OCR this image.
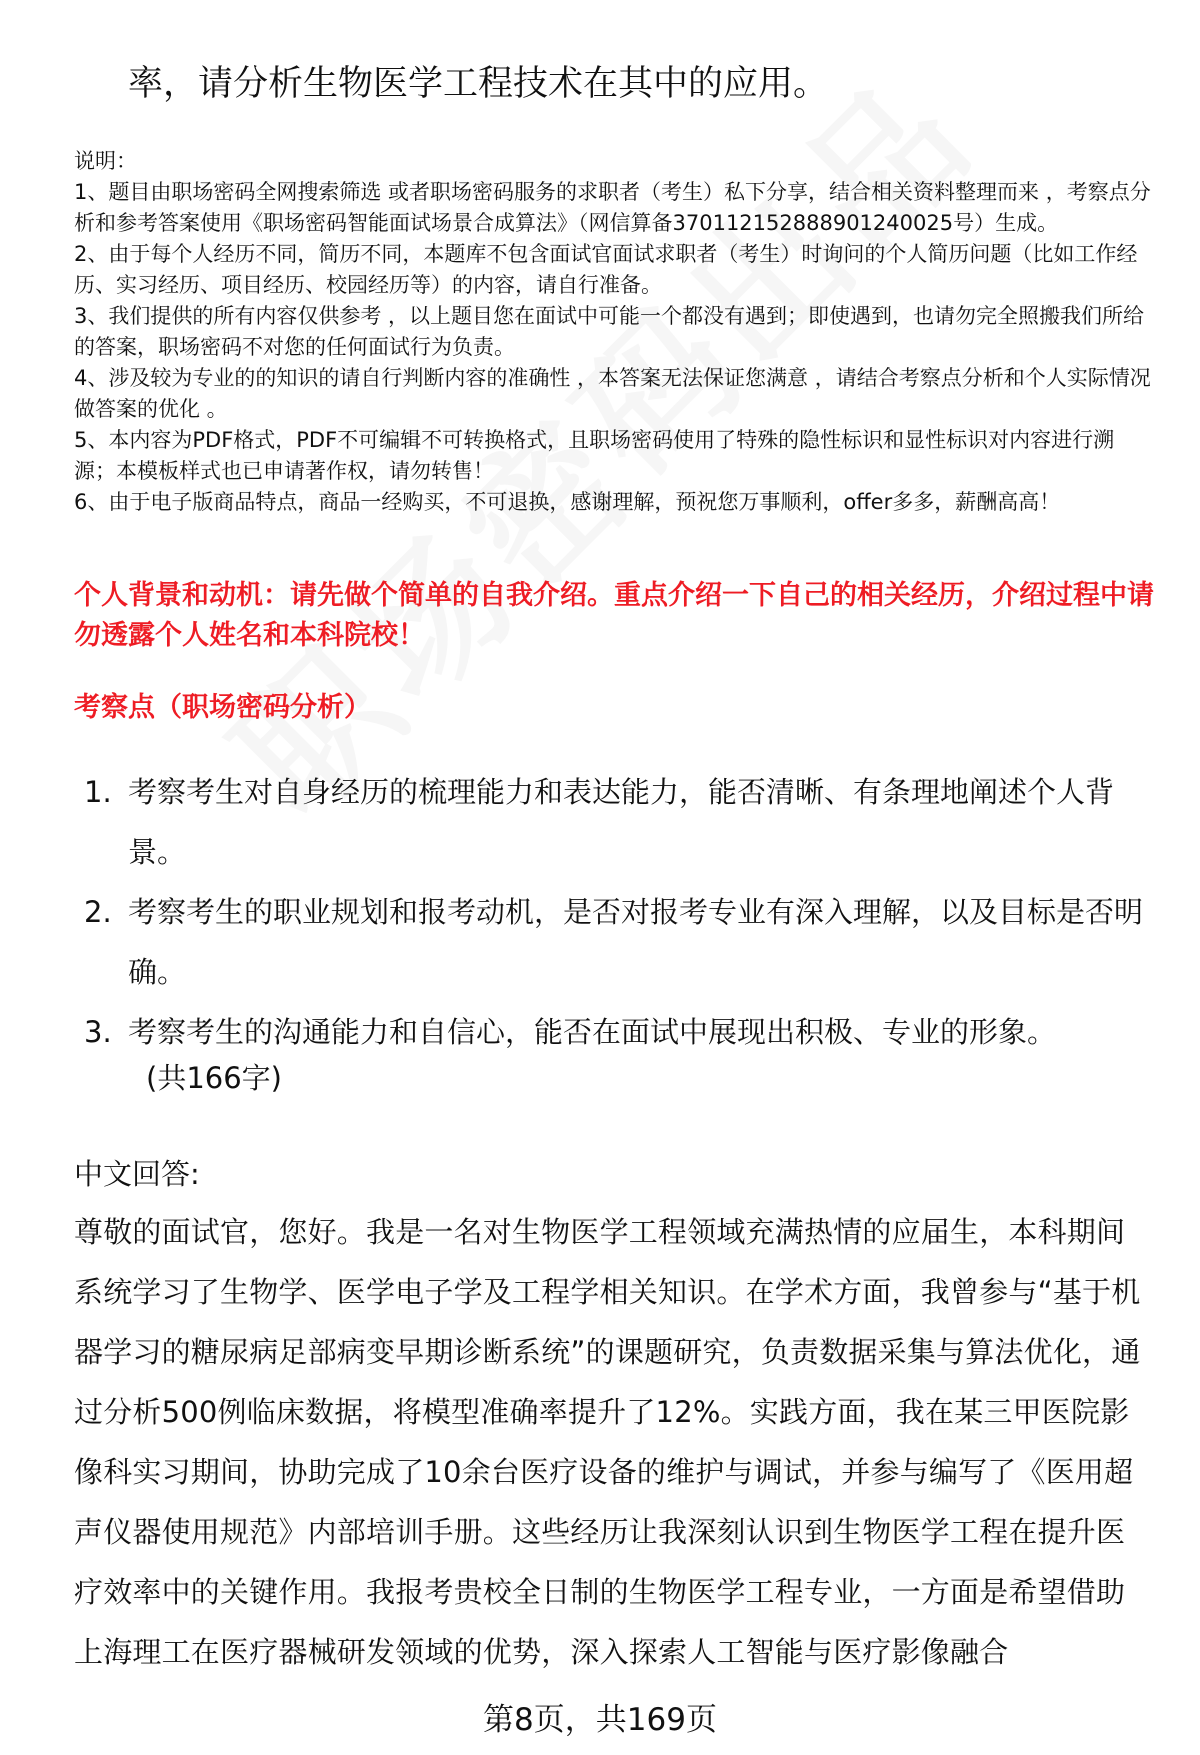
率，请分析生物医学工程技术在其中的应用。

说明：

1、题目由职场密码全网搜索筛选 或者职场密码服务的求职者（考生）私下分享，结合相关资料整理而来 ，考察点分析和参考答案使用《职场密码智能面试场景合成算法》（网信算备370112152888901240025号）生成。

2、由于每个人经历不同，简历不同，本题库不包含面试官面试求职者（考生）时询问的个人简历问题（比如工作经历、实习经历、项目经历、校园经历等）的内容，请自行准备。

3、我们提供的所有内容仅供参考 ，以上题目您在面试中可能一个都没有遇到；即使遇到，也请勿完全照搬我们所给的答案，职场密码不对您的任何面试行为负责。

4、涉及较为专业的的知识的请自行判断内容的准确性 ，本答案无法保证您满意 ，请结合考察点分析和个人实际情况做答案的优化 。

5、本内容为PDF格式，PDF不可编辑不可转换格式，且职场密码使用了特殊的隐性标识和显性标识对内容进行溯源；本模板样式也已申请著作权，请勿转售！

6、由于电子版商品特点，商品一经购买，不可退换，感谢理解，预祝您万事顺利，offer多多，薪酬高高！

个人背景和动机：请先做个简单的自我介绍。重点介绍一下自己的相关经历，介绍过程中请勿透露个人姓名和本科院校！
考察点（职场密码分析）
1. 考察考生对自身经历的梳理能力和表达能力，能否清晰、有条理地阐述个人背景。
2. 考察考生的职业规划和报考动机，是否对报考专业有深入理解，以及目标是否明确。
3. 考察考生的沟通能力和自信心，能否在面试中展现出积极、专业的形象。
(共166字)
中文回答:

尊敬的面试官，您好。我是一名对生物医学工程领域充满热情的应届生，本科期间系统学习了生物学、医学电子学及工程学相关知识。在学术方面，我曾参与“基于机器学习的糖尿病足部病变早期诊断系统”的课题研究，负责数据采集与算法优化，通过分析500例临床数据，将模型准确率提升了12%。实践方面，我在某三甲医院影像科实习期间，协助完成了10余台医疗设备的维护与调试，并参与编写了《医用超声仪器使用规范》内部培训手册。这些经历让我深刻认识到生物医学工程在提升医疗效率中的关键作用。我报考贵校全日制的生物医学工程专业，一方面是希望借助上海理工在医疗器械研发领域的优势，深入探索人工智能与医疗影像融合

第8页，共169页
